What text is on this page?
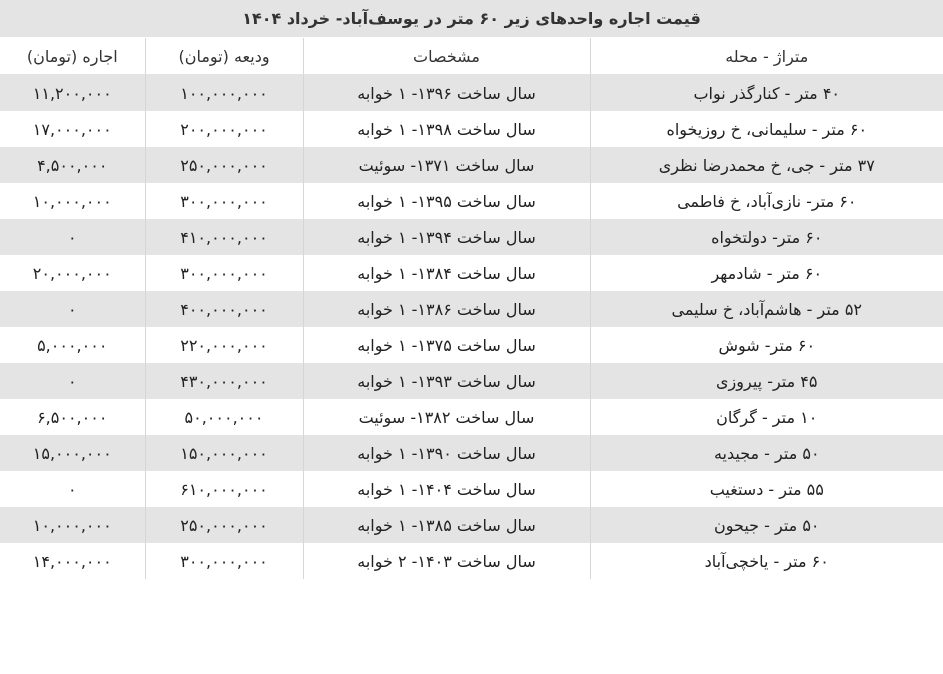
قیمت اجاره واحدهای زیر ۶۰ متر در یوسف‌آباد- خرداد ۱۴۰۴
متراژ - محله	مشخصات	ودیعه (تومان)	اجاره (تومان)
۴۰ متر - کنارگذر نواب	سال ساخت ۱۳۹۶- ۱ خوابه	۱۰۰,۰۰۰,۰۰۰	۱۱,۲۰۰,۰۰۰
۶۰ متر - سلیمانی، خ روزیخواه	سال ساخت ۱۳۹۸- ۱ خوابه	۲۰۰,۰۰۰,۰۰۰	۱۷,۰۰۰,۰۰۰
۳۷ متر - جی، خ محمدرضا نظری	سال ساخت ۱۳۷۱- سوئیت	۲۵۰,۰۰۰,۰۰۰	۴,۵۰۰,۰۰۰
۶۰ متر- نازی‌آباد، خ فاطمی	سال ساخت ۱۳۹۵- ۱ خوابه	۳۰۰,۰۰۰,۰۰۰	۱۰,۰۰۰,۰۰۰
۶۰ متر- دولتخواه	سال ساخت ۱۳۹۴- ۱ خوابه	۴۱۰,۰۰۰,۰۰۰	۰
۶۰ متر - شادمهر	سال ساخت ۱۳۸۴- ۱ خوابه	۳۰۰,۰۰۰,۰۰۰	۲۰,۰۰۰,۰۰۰
۵۲ متر - هاشم‌آباد، خ سلیمی	سال ساخت ۱۳۸۶- ۱ خوابه	۴۰۰,۰۰۰,۰۰۰	۰
۶۰ متر- شوش	سال ساخت ۱۳۷۵- ۱ خوابه	۲۲۰,۰۰۰,۰۰۰	۵,۰۰۰,۰۰۰
۴۵ متر- پیروزی	سال ساخت ۱۳۹۳- ۱ خوابه	۴۳۰,۰۰۰,۰۰۰	۰
۱۰ متر - گرگان	سال ساخت ۱۳۸۲- سوئیت	۵۰,۰۰۰,۰۰۰	۶,۵۰۰,۰۰۰
۵۰ متر - مجیدیه	سال ساخت ۱۳۹۰- ۱ خوابه	۱۵۰,۰۰۰,۰۰۰	۱۵,۰۰۰,۰۰۰
۵۵ متر - دستغیب	سال ساخت ۱۴۰۴- ۱ خوابه	۶۱۰,۰۰۰,۰۰۰	۰
۵۰ متر - جیحون	سال ساخت ۱۳۸۵- ۱ خوابه	۲۵۰,۰۰۰,۰۰۰	۱۰,۰۰۰,۰۰۰
۶۰ متر - یاخچی‌آباد	سال ساخت ۱۴۰۳- ۲ خوابه	۳۰۰,۰۰۰,۰۰۰	۱۴,۰۰۰,۰۰۰
